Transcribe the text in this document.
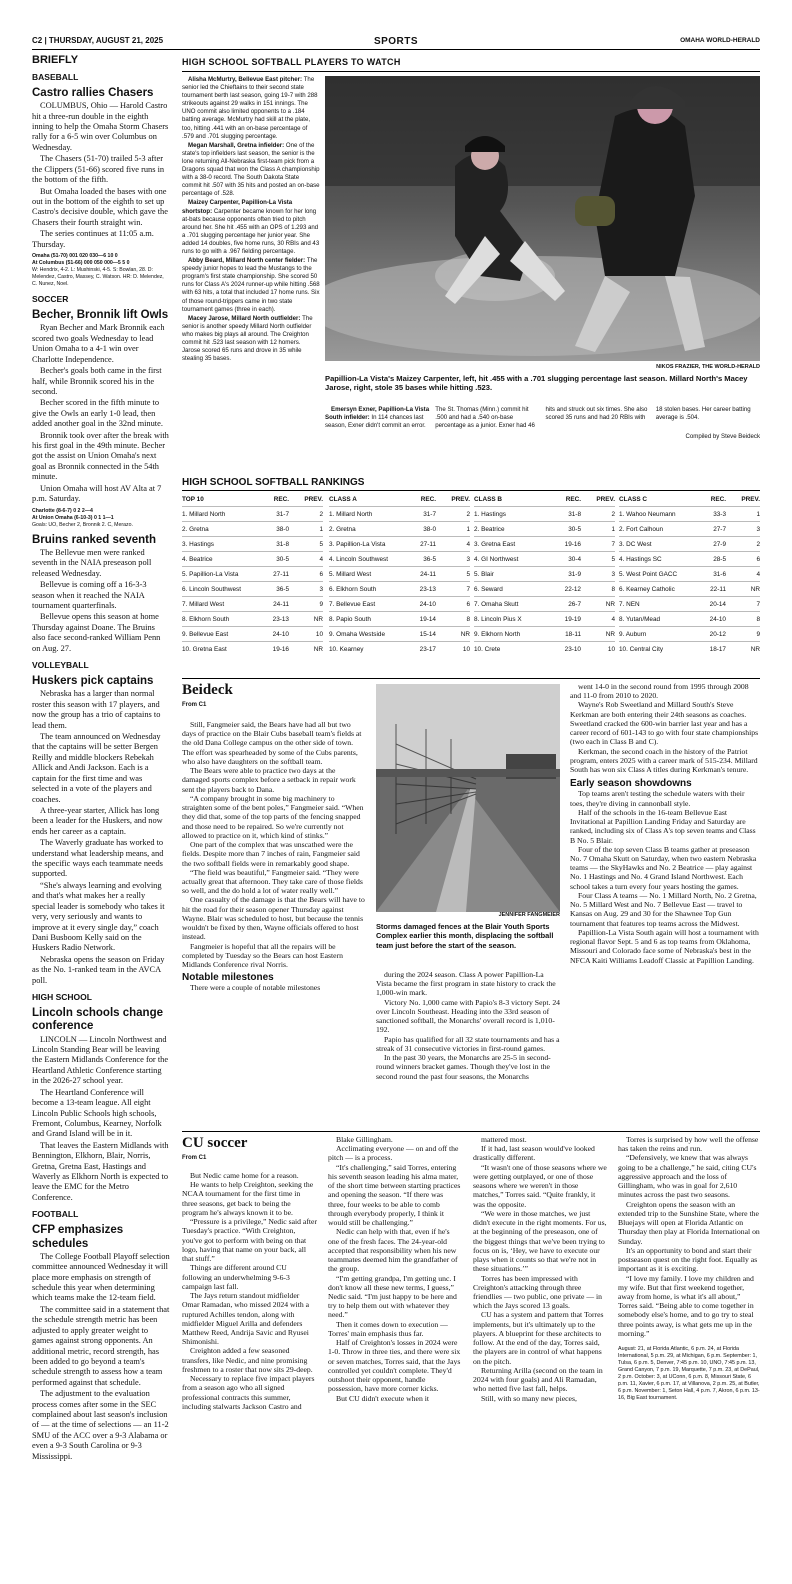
C2 | THURSDAY, AUGUST 21, 2025	SPORTS	OMAHA WORLD-HERALD
BRIEFLY
BASEBALL
Castro rallies Chasers

COLUMBUS, Ohio — Harold Castro hit a three-run double in the eighth inning to help the Omaha Storm Chasers rally for a 6-5 win over Columbus on Wednesday.

The Chasers (51-70) trailed 5-3 after the Clippers (51-66) scored five runs in the bottom of the fifth.

But Omaha loaded the bases with one out in the bottom of the eighth to set up Castro's decisive double, which gave the Chasers their fourth straight win.

The series continues at 11:05 a.m. Thursday.

Omaha (51-70) 001 020 030—6 10 0
At Columbus (51-66) 000 050 000—5 5 0
W: Hendrix, 4-2. L: Mushinski, 4-5. S: Bowlan, 28. D: Melendez, Castro, Massey, C. Watson. HR: D. Melendez, C. Nunez, Noel.
SOCCER
Becher, Bronnik lift Owls

Ryan Becher and Mark Bronnik each scored two goals Wednesday to lead Union Omaha to a 4-1 win over Charlotte Independence.

Becher's goals both came in the first half, while Bronnik scored his in the second.

Becher scored in the fifth minute to give the Owls an early 1-0 lead, then added another goal in the 32nd minute.

Bronnik took over after the break with his first goal in the 49th minute. Becher got the assist on Union Omaha's next goal as Bronnik connected in the 54th minute.

Union Omaha will host AV Alta at 7 p.m. Saturday.

Charlotte (8-6-7) 0 2 2—4
At Union Omaha (6-10-3) 0 1 1—1
Goals: UO, Becher 2, Bronnik 2. C, Merazo.
Bruins ranked seventh

The Bellevue men were ranked seventh in the NAIA preseason poll released Wednesday.

Bellevue is coming off a 16-3-3 season when it reached the NAIA tournament quarterfinals.

Bellevue opens this season at home Thursday against Doane. The Bruins also face second-ranked William Penn on Aug. 27.

VOLLEYBALL
Huskers pick captains

Nebraska has a larger than normal roster this season with 17 players, and now the group has a trio of captains to lead them.

The team announced on Wednesday that the captains will be setter Bergen Reilly and middle blockers Rebekah Allick and Andi Jackson. Each is a captain for the first time and was selected in a vote of the players and coaches.

A three-year starter, Allick has long been a leader for the Huskers, and now ends her career as a captain.

The Waverly graduate has worked to understand what leadership means, and the specific ways each teammate needs supported.

“She's always learning and evolving and that's what makes her a really special leader is somebody who takes it very, very seriously and wants to improve at it every single day,” coach Dani Busboom Kelly said on the Huskers Radio Network.

Nebraska opens the season on Friday as the No. 1-ranked team in the AVCA poll.

HIGH SCHOOL
Lincoln schools change conference

LINCOLN — Lincoln Northwest and Lincoln Standing Bear will be leaving the Eastern Midlands Conference for the Heartland Athletic Conference starting in the 2026-27 school year.

The Heartland Conference will become a 13-team league. All eight Lincoln Public Schools high schools, Fremont, Columbus, Kearney, Norfolk and Grand Island will be in it.

That leaves the Eastern Midlands with Bennington, Elkhorn, Blair, Norris, Gretna, Gretna East, Hastings and Waverly as Elkhorn North is expected to leave the EMC for the Metro Conference.

FOOTBALL
CFP emphasizes schedules

The College Football Playoff selection committee announced Wednesday it will place more emphasis on strength of schedule this year when determining which teams make the 12-team field.

The committee said in a statement that the schedule strength metric has been adjusted to apply greater weight to games against strong opponents. An additional metric, record strength, has been added to go beyond a team's schedule strength to assess how a team performed against that schedule.

The adjustment to the evaluation process comes after some in the SEC complained about last season's inclusion of — at the time of selections — an 11-2 SMU of the ACC over a 9-3 Alabama or even a 9-3 South Carolina or 9-3 Mississippi.

HIGH SCHOOL SOFTBALL PLAYERS TO WATCH

Alisha McMurtry, Bellevue East pitcher: The senior led the Chieftains to their second state tournament berth last season, going 19-7 with 288 strikeouts against 29 walks in 151 innings. The UNO commit also limited opponents to a .184 batting average. McMurtry had skill at the plate, too, hitting .441 with an on-base percentage of .579 and .701 slugging percentage.

Megan Marshall, Gretna infielder: One of the state's top infielders last season, the senior is the lone returning All-Nebraska first-team pick from a Dragons squad that won the Class A championship with a 38-0 record. The South Dakota State commit hit .507 with 35 hits and posted an on-base percentage of .528.

Maizey Carpenter, Papillion-La Vista shortstop: Carpenter became known for her long at-bats because opponents often tried to pitch around her. She hit .455 with an OPS of 1.293 and a .701 slugging percentage her junior year. She added 14 doubles, five home runs, 30 RBIs and 43 runs to go with a .967 fielding percentage.

Abby Beard, Millard North center fielder: The speedy junior hopes to lead the Mustangs to the program's first state championship. She scored 50 runs for Class A's 2024 runner-up while hitting .568 with 63 hits, a total that included 17 home runs. Six of those round-trippers came in two state tournament games (three in each).

Macey Jarose, Millard North outfielder: The senior is another speedy Millard North outfielder who makes big plays all around. The Creighton commit hit .523 last season with 12 homers. Jarose scored 65 runs and drove in 35 while stealing 35 bases.

Emersyn Exner, Papillion-La Vista South infielder: In 114 chances last season, Exner didn't commit an error. The St. Thomas (Minn.) commit hit .500 and had a .540 on-base percentage as a junior. Exner had 46 hits and struck out six times. She also scored 35 runs and had 20 RBIs with 18 stolen bases. Her career batting average is .504.

Compiled by Steve Beideck
NIKOS FRAZIER, THE WORLD-HERALD
Papillion-La Vista's Maizey Carpenter, left, hit .455 with a .701 slugging percentage last season. Millard North's Macey Jarose, right, stole 35 bases while hitting .523.
HIGH SCHOOL SOFTBALL RANKINGS
TOP 10	REC.	PREV.
1. Millard North	31-7	2
2. Gretna	38-0	1
3. Hastings	31-8	5
4. Beatrice	30-5	4
5. Papillion-La Vista	27-11	6
6. Lincoln Southwest	36-5	3
7. Millard West	24-11	9
8. Elkhorn South	23-13	NR
9. Bellevue East	24-10	10
10. Gretna East	19-16	NR
CLASS A	REC.	PREV.
1. Millard North	31-7	2
2. Gretna	38-0	1
3. Papillion-La Vista	27-11	4
4. Lincoln Southwest	36-5	3
5. Millard West	24-11	5
6. Elkhorn South	23-13	7
7. Bellevue East	24-10	6
8. Papio South	19-14	8
9. Omaha Westside	15-14	NR
10. Kearney	23-17	10
CLASS B	REC.	PREV.
1. Hastings	31-8	2
2. Beatrice	30-5	1
3. Gretna East	19-16	7
4. GI Northwest	30-4	5
5. Blair	31-9	3
6. Seward	22-12	8
7. Omaha Skutt	26-7	NR
8. Lincoln Pius X	19-19	4
9. Elkhorn North	18-11	NR
10. Crete	23-10	10
CLASS C	REC.	PREV.
1. Wahoo Neumann	33-3	1
2. Fort Calhoun	27-7	3
3. DC West	27-9	2
4. Hastings SC	28-5	6
5. West Point GACC	31-6	4
6. Kearney Catholic	22-11	NR
7. NEN	20-14	7
8. Yutan/Mead	24-10	8
9. Auburn	20-12	9
10. Central City	18-17	NR
Beideck
From C1

Still, Fangmeier said, the Bears have had all but two days of practice on the Blair Cubs baseball team's fields at the old Dana College campus on the other side of town. The effort was spearheaded by some of the Cubs parents, who also have daughters on the softball team.

The Bears were able to practice two days at the damaged sports complex before a setback in repair work sent the players back to Dana.

“A company brought in some big machinery to straighten some of the bent poles,” Fangmeier said. “When they did that, some of the top parts of the fencing snapped and those need to be repaired. So we're currently not allowed to practice on it, which kind of stinks.”

One part of the complex that was unscathed were the fields. Despite more than 7 inches of rain, Fangmeier said the two softball fields were in remarkably good shape.

“The field was beautiful,” Fangmeier said. “They were actually great that afternoon. They take care of those fields so well, and the do hold a lot of water really well.”

One casualty of the damage is that the Bears will have to hit the road for their season opener Thursday against Wayne. Blair was scheduled to host, but because the tennis wouldn't be fixed by then, Wayne officials offered to host instead.

Fangmeier is hopeful that all the repairs will be completed by Tuesday so the Bears can host Eastern Midlands Conference rival Norris.

Notable milestones

There were a couple of notable milestones

JENNIFER FANGMEIER
Storms damaged fences at the Blair Youth Sports Complex earlier this month, displacing the softball team just before the start of the season.

during the 2024 season. Class A power Papillion-La Vista became the first program in state history to crack the 1,000-win mark.

Victory No. 1,000 came with Papio's 8-3 victory Sept. 24 over Lincoln Southeast. Heading into the 33rd season of sanctioned softball, the Monarchs' overall record is 1,010-192.

Papio has qualified for all 32 state tournaments and has a streak of 31 consecutive victories in first-round games.

In the past 30 years, the Monarchs are 25-5 in second-round winners bracket games. Though they've lost in the second round the past four seasons, the Monarchs

went 14-0 in the second round from 1995 through 2008 and 11-0 from 2010 to 2020.

Wayne's Rob Sweetland and Millard South's Steve Kerkman are both entering their 24th seasons as coaches. Sweetland cracked the 600-win barrier last year and has a career record of 601-143 to go with four state championships (two each in Class B and C).

Kerkman, the second coach in the history of the Patriot program, enters 2025 with a career mark of 515-234. Millard South has won six Class A titles during Kerkman's tenure.

Early season showdowns

Top teams aren't testing the schedule waters with their toes, they're diving in cannonball style.

Half of the schools in the 16-team Bellevue East Invitational at Papillion Landing Friday and Saturday are ranked, including six of Class A's top seven teams and Class B No. 5 Blair.

Four of the top seven Class B teams gather at preseason No. 7 Omaha Skutt on Saturday, when two eastern Nebraska teams — the SkyHawks and No. 2 Beatrice — play against No. 1 Hastings and No. 4 Grand Island Northwest. Each school takes a turn every four years hosting the games.

Four Class A teams — No. 1 Millard North, No. 2 Gretna, No. 5 Millard West and No. 7 Bellevue East — travel to Kansas on Aug. 29 and 30 for the Shawnee Top Gun tournament that features top teams across the Midwest.

Papillion-La Vista South again will host a tournament with regional flavor Sept. 5 and 6 as top teams from Oklahoma, Missouri and Colorado face some of Nebraska's best in the NFCA Kaiti Williams Leadoff Classic at Papillion Landing.

CU soccer
From C1

But Nedic came home for a reason.

He wants to help Creighton, seeking the NCAA tournament for the first time in three seasons, get back to being the program he's always known it to be.

“Pressure is a privilege,” Nedic said after Tuesday's practice. “With Creighton, you've got to perform with being on that logo, having that name on your back, all that stuff.”

Things are different around CU following an underwhelming 9-6-3 campaign last fall.

The Jays return standout midfielder Omar Ramadan, who missed 2024 with a ruptured Achilles tendon, along with midfielder Miguel Arilla and defenders Matthew Reed, Andrija Savic and Ryusei Shimonishi.

Creighton added a few seasoned transfers, like Nedic, and nine promising freshmen to a roster that now sits 29-deep.

Necessary to replace five impact players from a season ago who all signed professional contracts this summer, including stalwarts Jackson Castro and

Blake Gillingham.

Acclimating everyone — on and off the pitch — is a process.

“It's challenging,” said Torres, entering his seventh season leading his alma mater, of the short time between starting practices and opening the season. “If there was three, four weeks to be able to comb through everybody properly, I think it would still be challenging.”

Nedic can help with that, even if he's one of the fresh faces. The 24-year-old accepted that responsibility when his new teammates deemed him the grandfather of the group.

“I'm getting grandpa, I'm getting unc. I don't know all these new terms, I guess,” Nedic said. “I'm just happy to be here and try to help them out with whatever they need.”

Then it comes down to execution — Torres' main emphasis thus far.

Half of Creighton's losses in 2024 were 1-0. Throw in three ties, and there were six or seven matches, Torres said, that the Jays controlled yet couldn't complete. They'd outshoot their opponent, handle possession, have more corner kicks.

But CU didn't execute when it

mattered most.

If it had, last season would've looked drastically different.

“It wasn't one of those seasons where we were getting outplayed, or one of those seasons where we weren't in those matches,” Torres said. “Quite frankly, it was the opposite.

“We were in those matches, we just didn't execute in the right moments. For us, at the beginning of the preseason, one of the biggest things that we've been trying to focus on is, ‘Hey, we have to execute our plays when it counts so that we're not in these situations.’”

Torres has been impressed with Creighton's attacking through three friendlies — two public, one private — in which the Jays scored 13 goals.

CU has a system and pattern that Torres implements, but it's ultimately up to the players. A blueprint for these architects to follow. At the end of the day, Torres said, the players are in control of what happens on the pitch.

Returning Arilla (second on the team in 2024 with four goals) and Ali Ramadan, who netted five last fall, helps.

Still, with so many new pieces,

Torres is surprised by how well the offense has taken the reins and run.

“Defensively, we knew that was always going to be a challenge,” he said, citing CU's aggressive approach and the loss of Gillingham, who was in goal for 2,610 minutes across the past two seasons.

Creighton opens the season with an extended trip to the Sunshine State, where the Bluejays will open at Florida Atlantic on Thursday then play at Florida International on Sunday.

It's an opportunity to bond and start their postseason quest on the right foot. Equally as important as it is exciting.

“I love my family. I love my children and my wife. But that first weekend together, away from home, is what it's all about,” Torres said. “Being able to come together in somebody else's home, and to go try to steal three points away, is what gets me up in the morning.”

August: 21, at Florida Atlantic, 6 p.m. 24, at Florida International, 5 p.m. 29, at Michigan, 6 p.m. September: 1, Tulsa, 6 p.m. 5, Denver, 7:45 p.m. 10, UNO, 7:45 p.m. 13, Grand Canyon, 7 p.m. 19, Marquette, 7 p.m. 23, at DePaul, 2 p.m. October: 3, at UConn, 6 p.m. 8, Missouri State, 6 p.m. 11, Xavier, 6 p.m. 17, at Villanova, 2 p.m. 25, at Butler, 6 p.m. November: 1, Seton Hall, 4 p.m. 7, Akron, 6 p.m. 13-16, Big East tournament.
